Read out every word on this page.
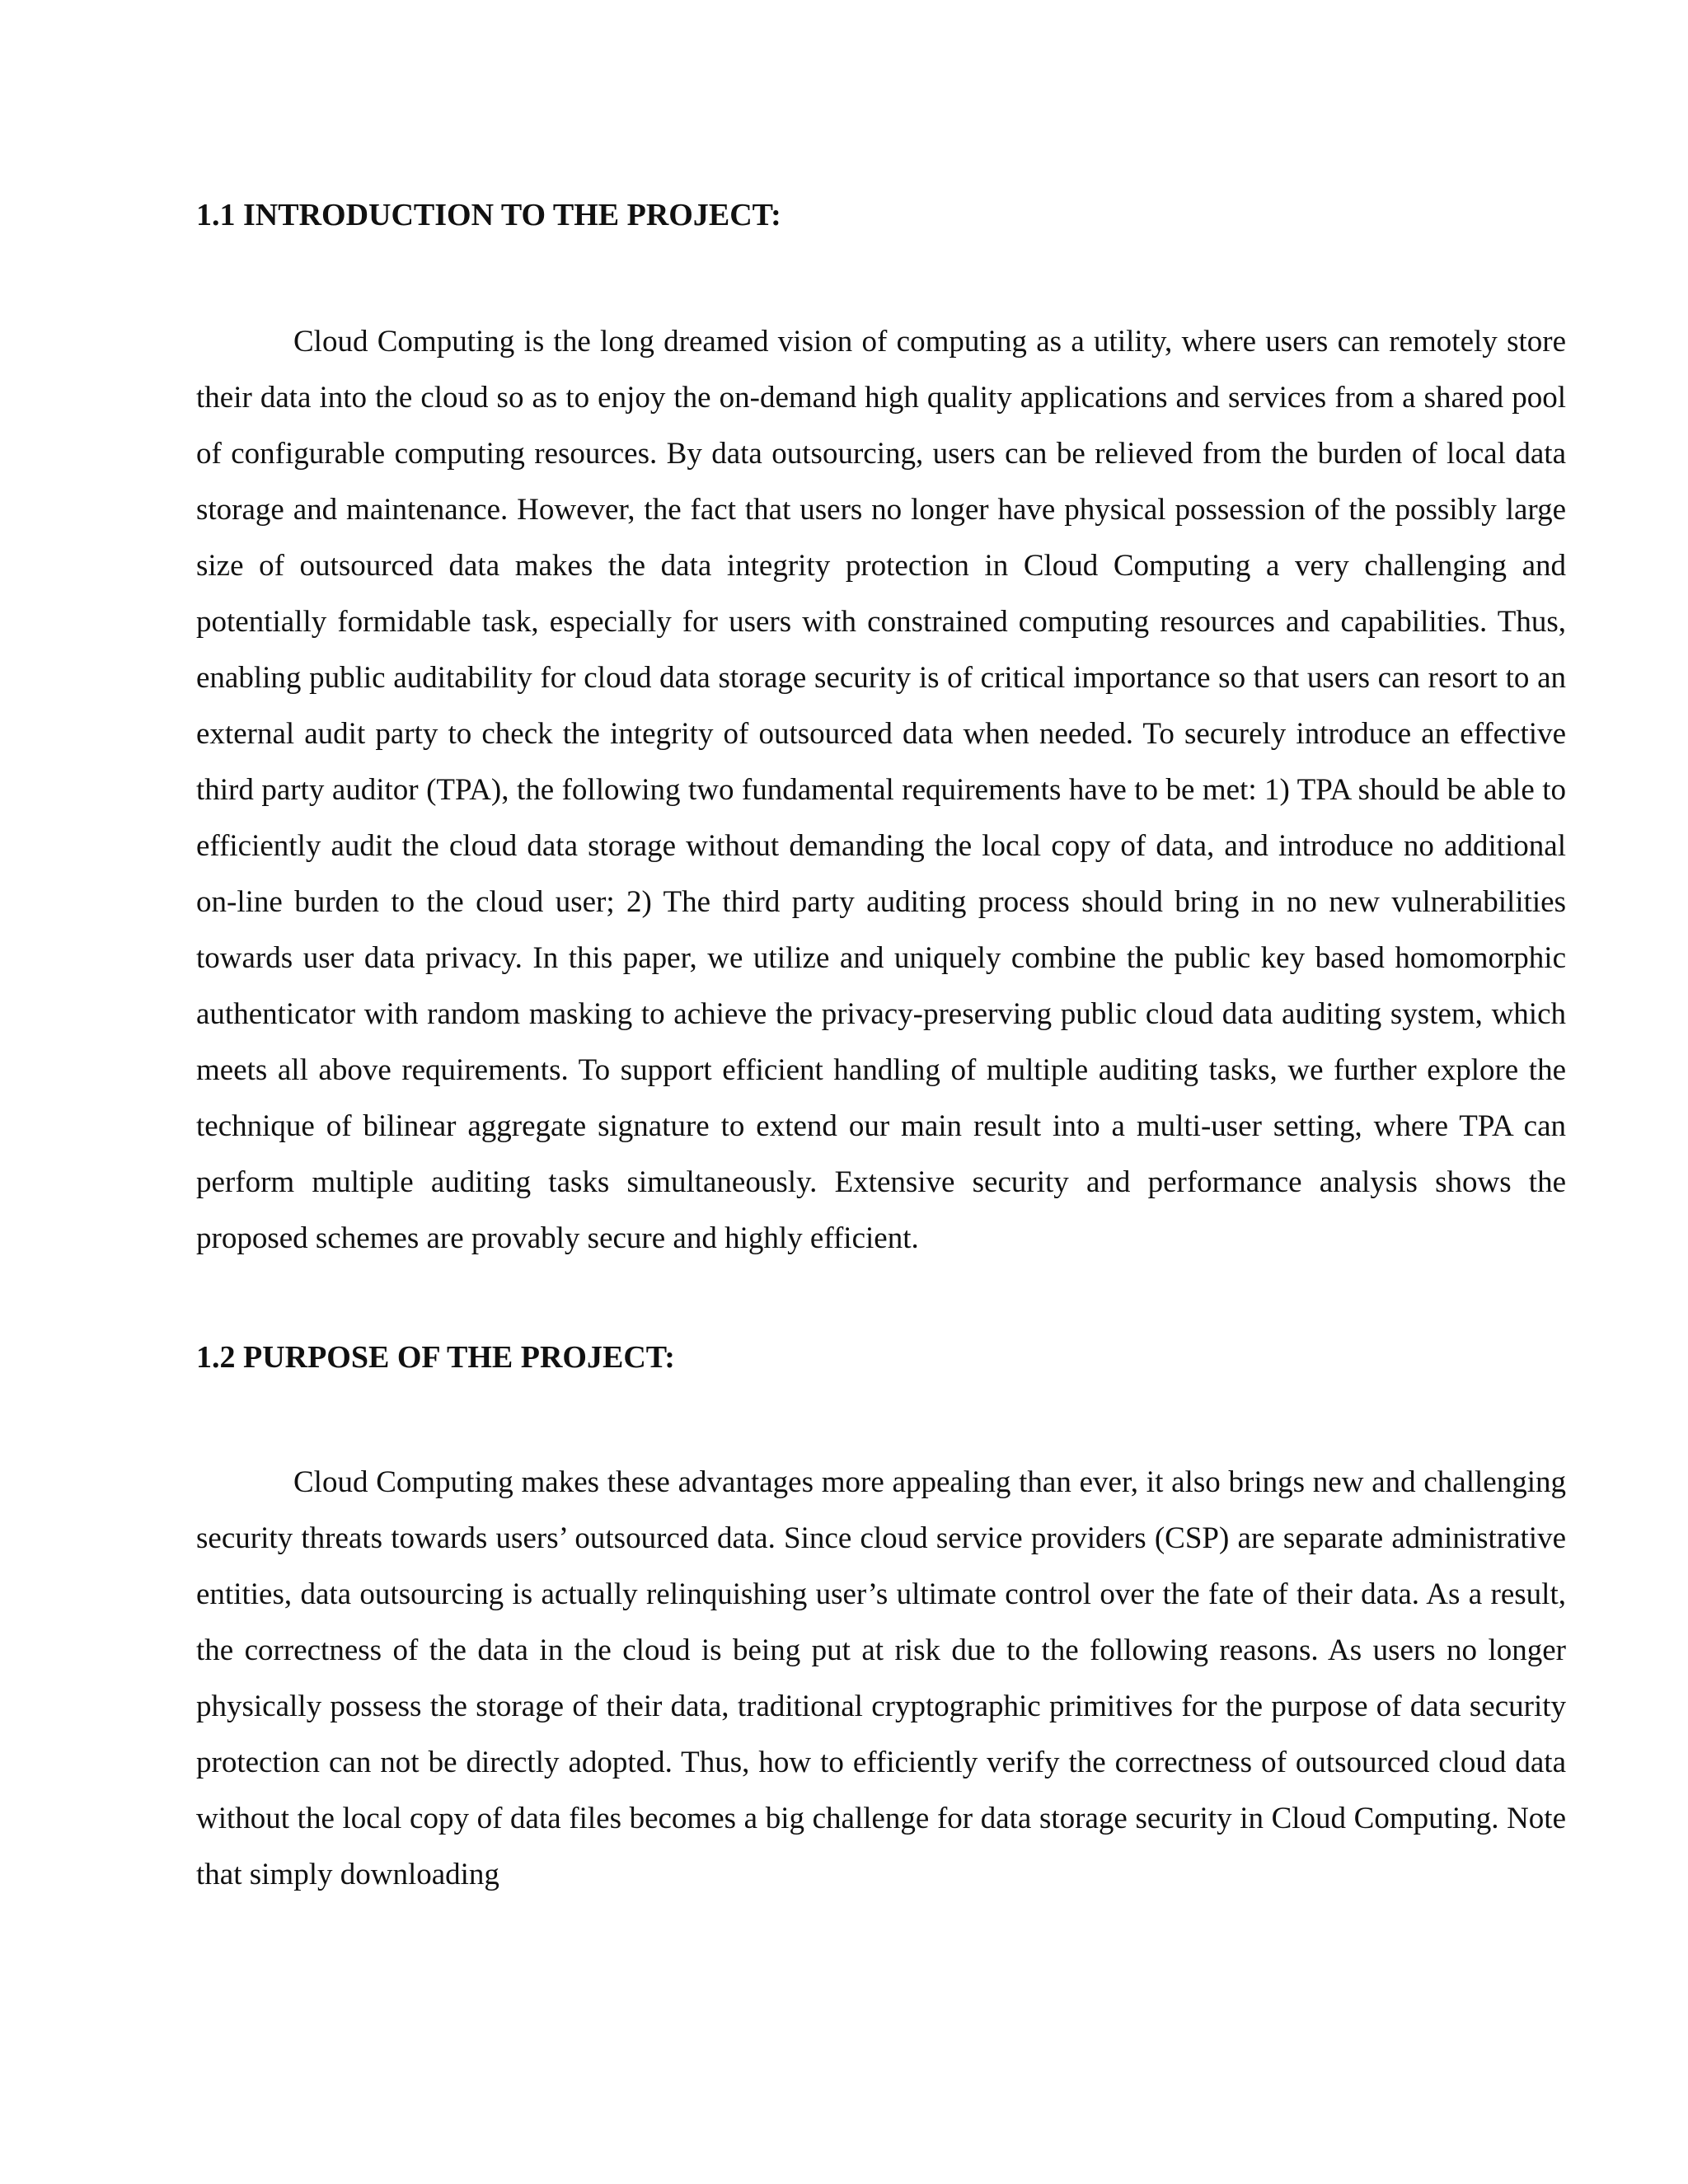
1.1 INTRODUCTION TO THE PROJECT:

Cloud Computing is the long dreamed vision of computing as a utility, where users can remotely store their data into the cloud so as to enjoy the on-demand high quality applications and services from a shared pool of configurable computing resources. By data outsourcing, users can be relieved from the burden of local data storage and maintenance. However, the fact that users no longer have physical possession of the possibly large size of outsourced data makes the data integrity protection in Cloud Computing a very challenging and potentially formidable task, especially for users with constrained computing resources and capabilities. Thus, enabling public auditability for cloud data storage security is of critical importance so that users can resort to an external audit party to check the integrity of outsourced data when needed. To securely introduce an effective third party auditor (TPA), the following two fundamental requirements have to be met: 1) TPA should be able to efficiently audit the cloud data storage without demanding the local copy of data, and introduce no additional on-line burden to the cloud user; 2) The third party auditing process should bring in no new vulnerabilities towards user data privacy. In this paper, we utilize and uniquely combine the public key based homomorphic authenticator with random masking to achieve the privacy-preserving public cloud data auditing system, which meets all above requirements. To support efficient handling of multiple auditing tasks, we further explore the technique of bilinear aggregate signature to extend our main result into a multi-user setting, where TPA can perform multiple auditing tasks simultaneously. Extensive security and performance analysis shows the proposed schemes are provably secure and highly efficient.

1.2 PURPOSE OF THE PROJECT:

Cloud Computing makes these advantages more appealing than ever, it also brings new and challenging security threats towards users’ outsourced data. Since cloud service providers (CSP) are separate administrative entities, data outsourcing is actually relinquishing user’s ultimate control over the fate of their data. As a result, the correctness of the data in the cloud is being put at risk due to the following reasons. As users no longer physically possess the storage of their data, traditional cryptographic primitives for the purpose of data security protection can not be directly adopted. Thus, how to efficiently verify the correctness of outsourced cloud data without the local copy of data files becomes a big challenge for data storage security in Cloud Computing. Note that simply downloading
